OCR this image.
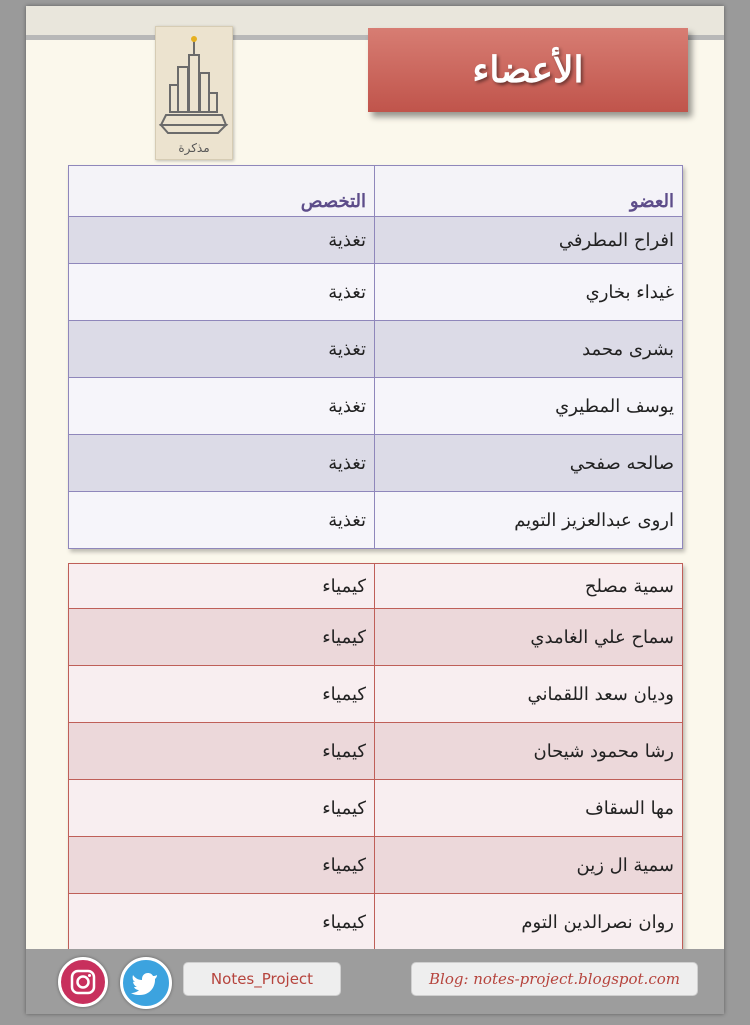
مذكرة
الأعضاء
العضو	التخصص
افراح المطرفي	تغذية
غيداء بخاري	تغذية
بشرى محمد	تغذية
يوسف المطيري	تغذية
صالحه صفحي	تغذية
اروى عبدالعزيز التويم	تغذية
سمية مصلح	كيمياء
سماح علي الغامدي	كيمياء
وديان سعد اللقماني	كيمياء
رشا محمود شيحان	كيمياء
مها السقاف	كيمياء
سمية ال زين	كيمياء
روان نصرالدين التوم	كيمياء
Notes_Project	Blog: notes-project.blogspot.com
